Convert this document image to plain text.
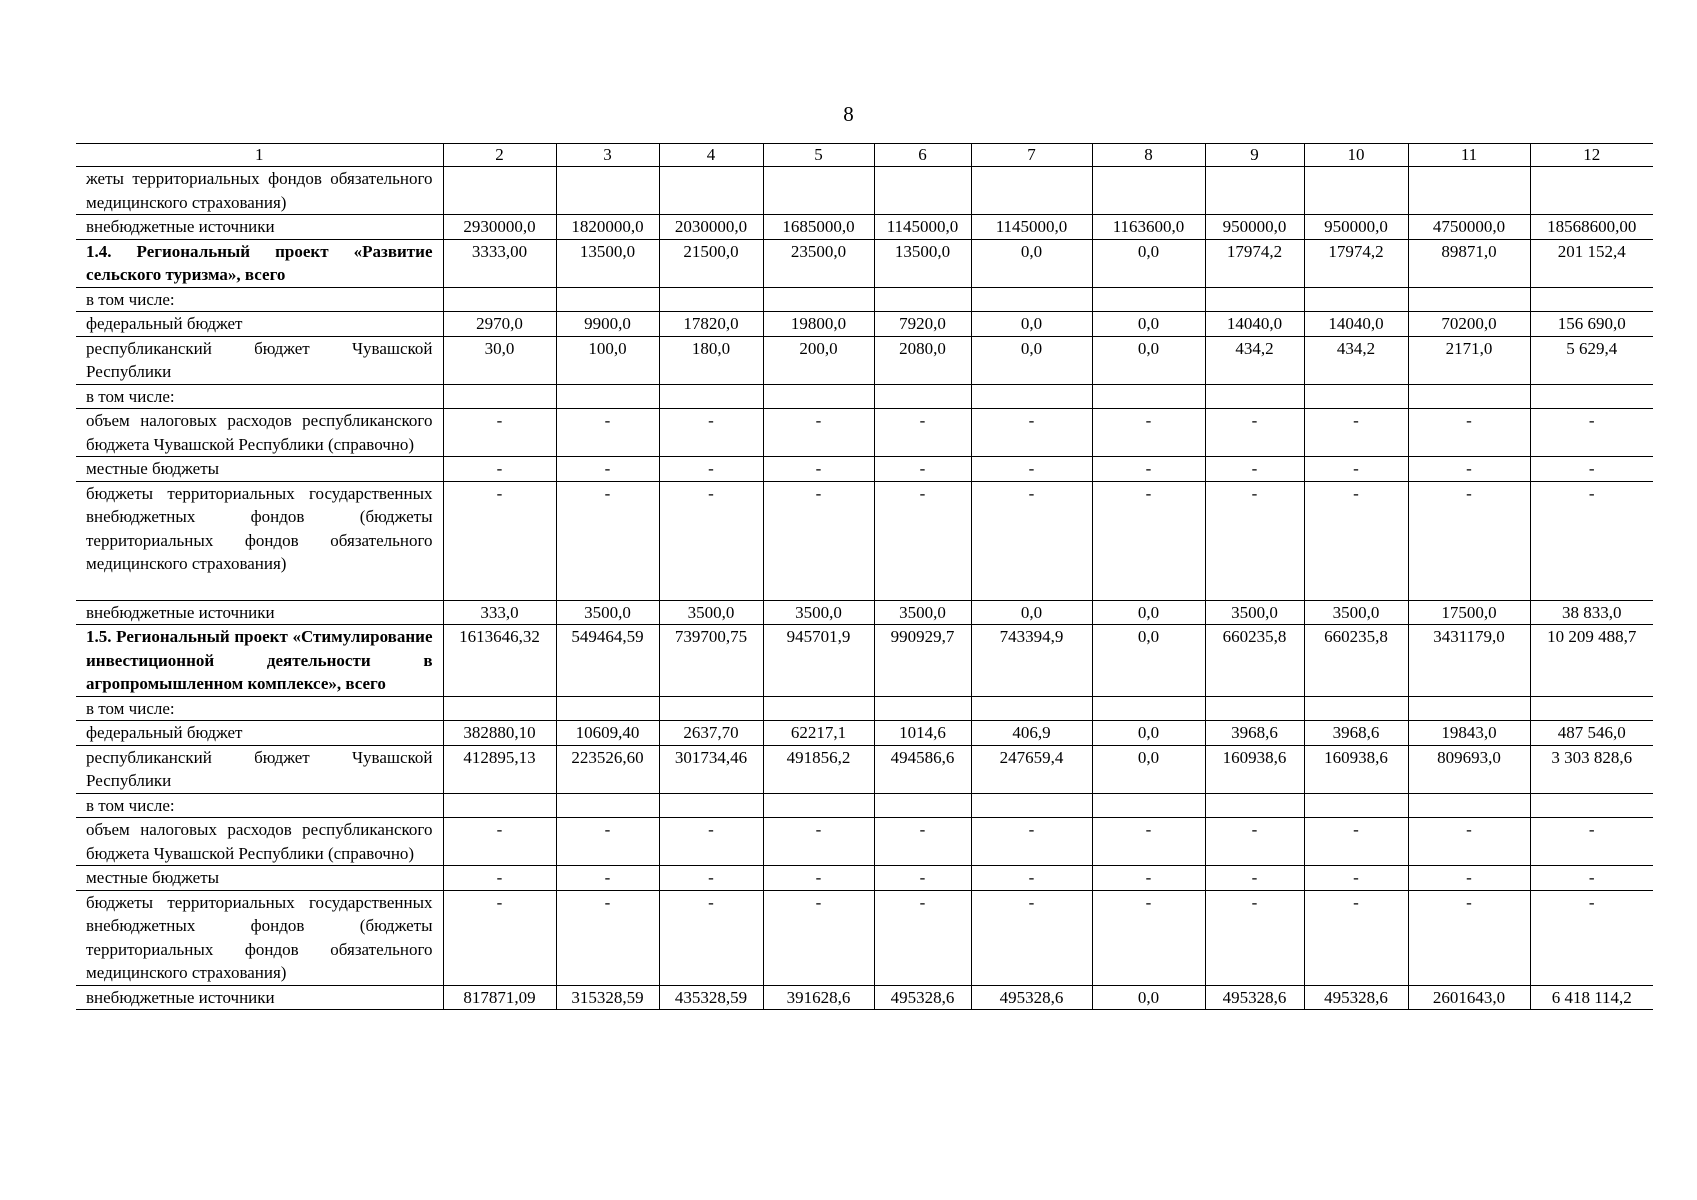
8
1	2	3	4	5	6	7	8	9	10	11	12
жеты территориальных фондов обязательного медицинского страхования)											
внебюджетные источники	2930000,0	1820000,0	2030000,0	1685000,0	1145000,0	1145000,0	1163600,0	950000,0	950000,0	4750000,0	18568600,00
1.4. Региональный проект «Развитие сельского туризма», всего	3333,00	13500,0	21500,0	23500,0	13500,0	0,0	0,0	17974,2	17974,2	89871,0	201 152,4
в том числе:											
федеральный бюджет	2970,0	9900,0	17820,0	19800,0	7920,0	0,0	0,0	14040,0	14040,0	70200,0	156 690,0
республиканский бюджет Чувашской Республики	30,0	100,0	180,0	200,0	2080,0	0,0	0,0	434,2	434,2	2171,0	5 629,4
в том числе:											
объем налоговых расходов республиканского бюджета Чувашской Республики (справочно)	-	-	-	-	-	-	-	-	-	-	-
местные бюджеты	-	-	-	-	-	-	-	-	-	-	-
бюджеты территориальных государственных внебюджетных фондов (бюджеты территориальных фондов обязательного медицинского страхования)	-	-	-	-	-	-	-	-	-	-	-
внебюджетные источники	333,0	3500,0	3500,0	3500,0	3500,0	0,0	0,0	3500,0	3500,0	17500,0	38 833,0
1.5. Региональный проект «Стимулирование инвестиционной деятельности в агропромышленном комплексе», всего	1613646,32	549464,59	739700,75	945701,9	990929,7	743394,9	0,0	660235,8	660235,8	3431179,0	10 209 488,7
в том числе:											
федеральный бюджет	382880,10	10609,40	2637,70	62217,1	1014,6	406,9	0,0	3968,6	3968,6	19843,0	487 546,0
республиканский бюджет Чувашской Республики	412895,13	223526,60	301734,46	491856,2	494586,6	247659,4	0,0	160938,6	160938,6	809693,0	3 303 828,6
в том числе:											
объем налоговых расходов республиканского бюджета Чувашской Республики (справочно)	-	-	-	-	-	-	-	-	-	-	-
местные бюджеты	-	-	-	-	-	-	-	-	-	-	-
бюджеты территориальных государственных внебюджетных фондов (бюджеты территориальных фондов обязательного медицинского страхования)	-	-	-	-	-	-	-	-	-	-	-
внебюджетные источники	817871,09	315328,59	435328,59	391628,6	495328,6	495328,6	0,0	495328,6	495328,6	2601643,0	6 418 114,2
